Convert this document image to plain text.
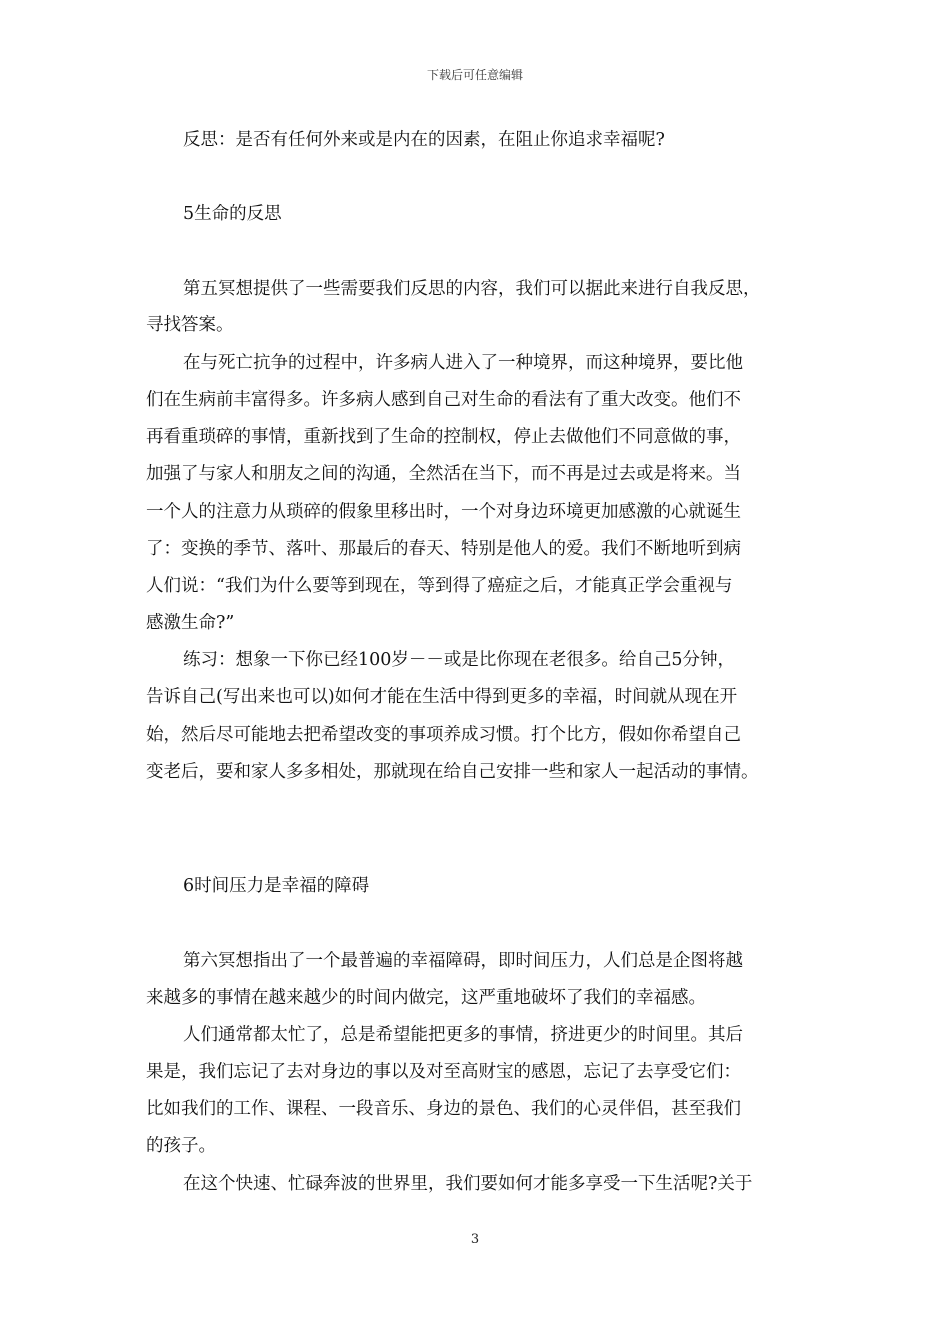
下载后可任意编辑
反思：是否有任何外来或是内在的因素，在阻止你追求幸福呢?
5生命的反思
第五冥想提供了一些需要我们反思的内容，我们可以据此来进行自我反思，
寻找答案。
在与死亡抗争的过程中，许多病人进入了一种境界，而这种境界，要比他
们在生病前丰富得多。许多病人感到自己对生命的看法有了重大改变。他们不
再看重琐碎的事情，重新找到了生命的控制权，停止去做他们不同意做的事，
加强了与家人和朋友之间的沟通，全然活在当下，而不再是过去或是将来。当
一个人的注意力从琐碎的假象里移出时，一个对身边环境更加感激的心就诞生
了：变换的季节、落叶、那最后的春天、特别是他人的爱。我们不断地听到病
人们说：“我们为什么要等到现在，等到得了癌症之后，才能真正学会重视与
感激生命?”
练习：想象一下你已经100岁－－或是比你现在老很多。给自己5分钟，
告诉自己(写出来也可以)如何才能在生活中得到更多的幸福，时间就从现在开
始，然后尽可能地去把希望改变的事项养成习惯。打个比方，假如你希望自己
变老后，要和家人多多相处，那就现在给自己安排一些和家人一起活动的事情。
6时间压力是幸福的障碍
第六冥想指出了一个最普遍的幸福障碍，即时间压力，人们总是企图将越
来越多的事情在越来越少的时间内做完，这严重地破坏了我们的幸福感。
人们通常都太忙了，总是希望能把更多的事情，挤进更少的时间里。其后
果是，我们忘记了去对身边的事以及对至高财宝的感恩，忘记了去享受它们：
比如我们的工作、课程、一段音乐、身边的景色、我们的心灵伴侣，甚至我们
的孩子。
在这个快速、忙碌奔波的世界里，我们要如何才能多享受一下生活呢?关于
3
